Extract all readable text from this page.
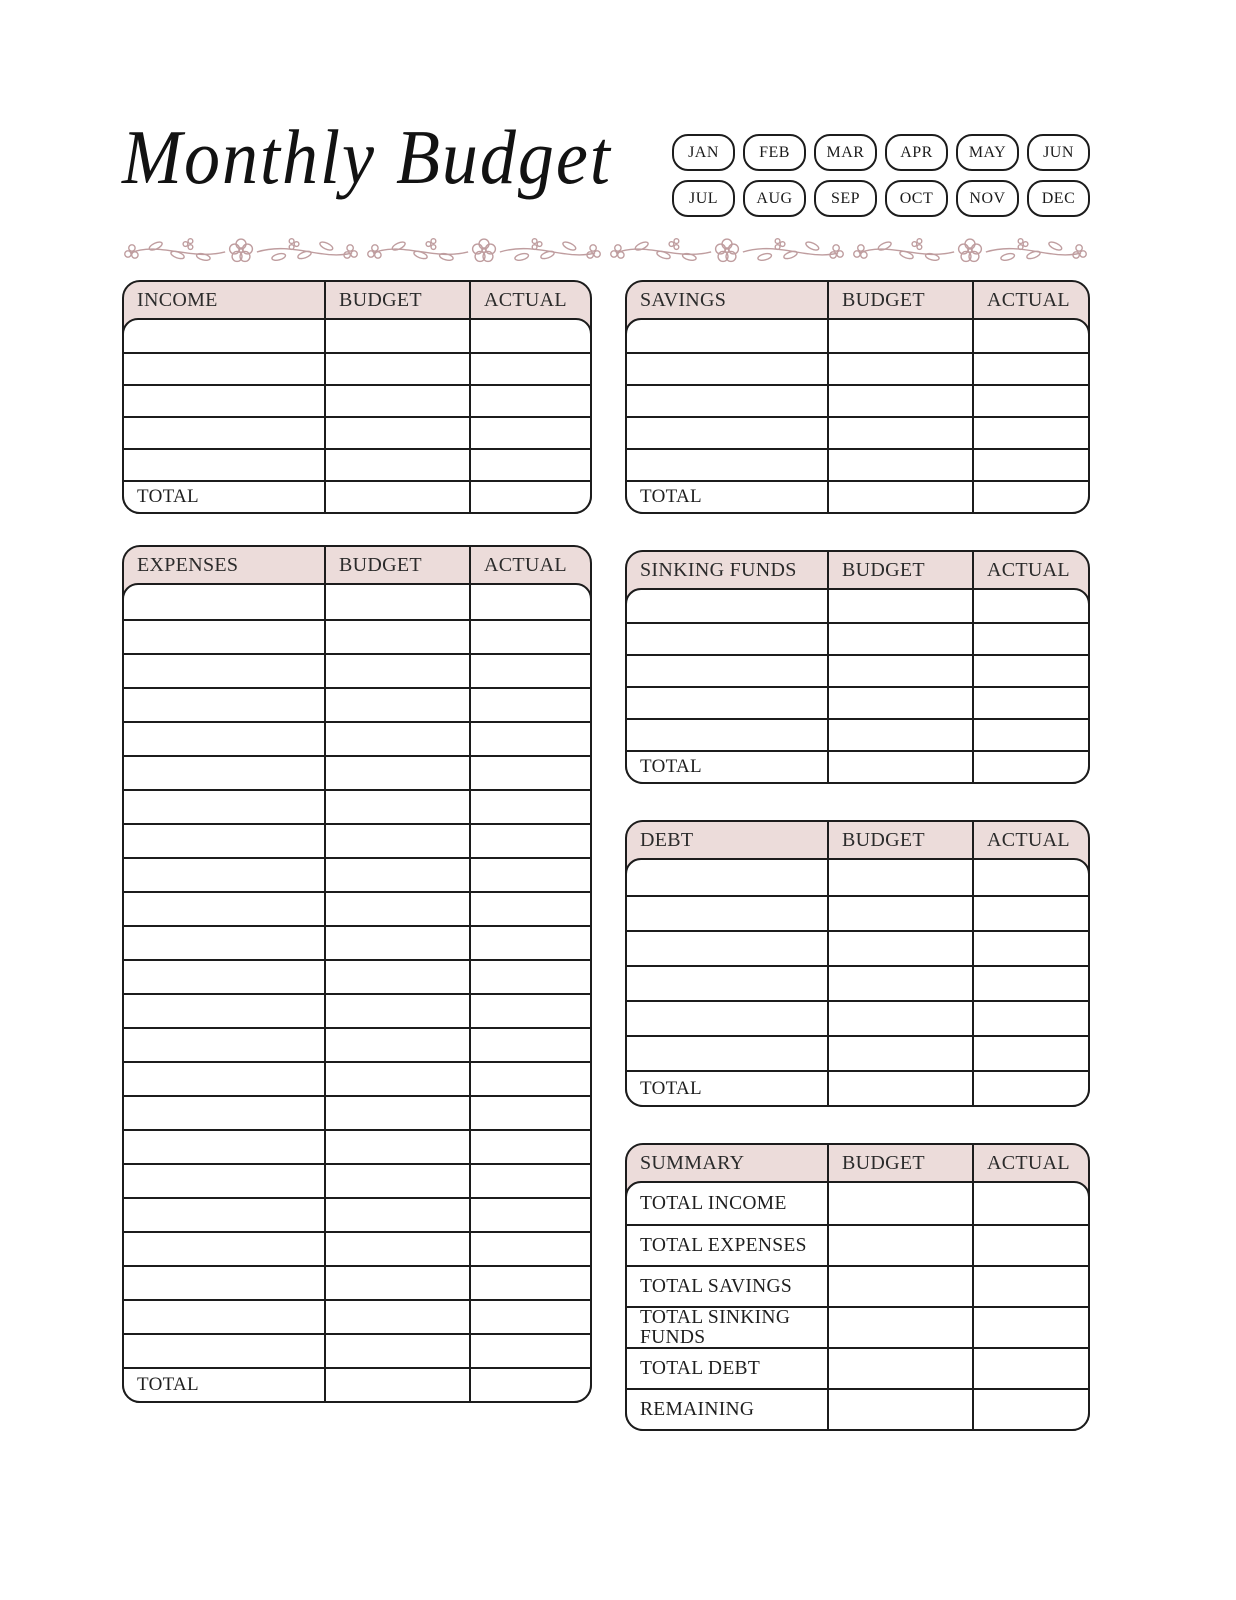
Monthly Budget	JAN	FEB	MAR	APR	MAY	JUN
JUL	AUG	SEP	OCT	NOV	DEC
INCOME	BUDGET	ACTUAL
TOTAL
EXPENSES	BUDGET	ACTUAL
TOTAL
SAVINGS	BUDGET	ACTUAL
TOTAL
SINKING FUNDS	BUDGET	ACTUAL
TOTAL
DEBT	BUDGET	ACTUAL
TOTAL
SUMMARY	BUDGET	ACTUAL
TOTAL INCOME
TOTAL EXPENSES
TOTAL SAVINGS
TOTAL SINKING FUNDS
TOTAL DEBT
REMAINING
